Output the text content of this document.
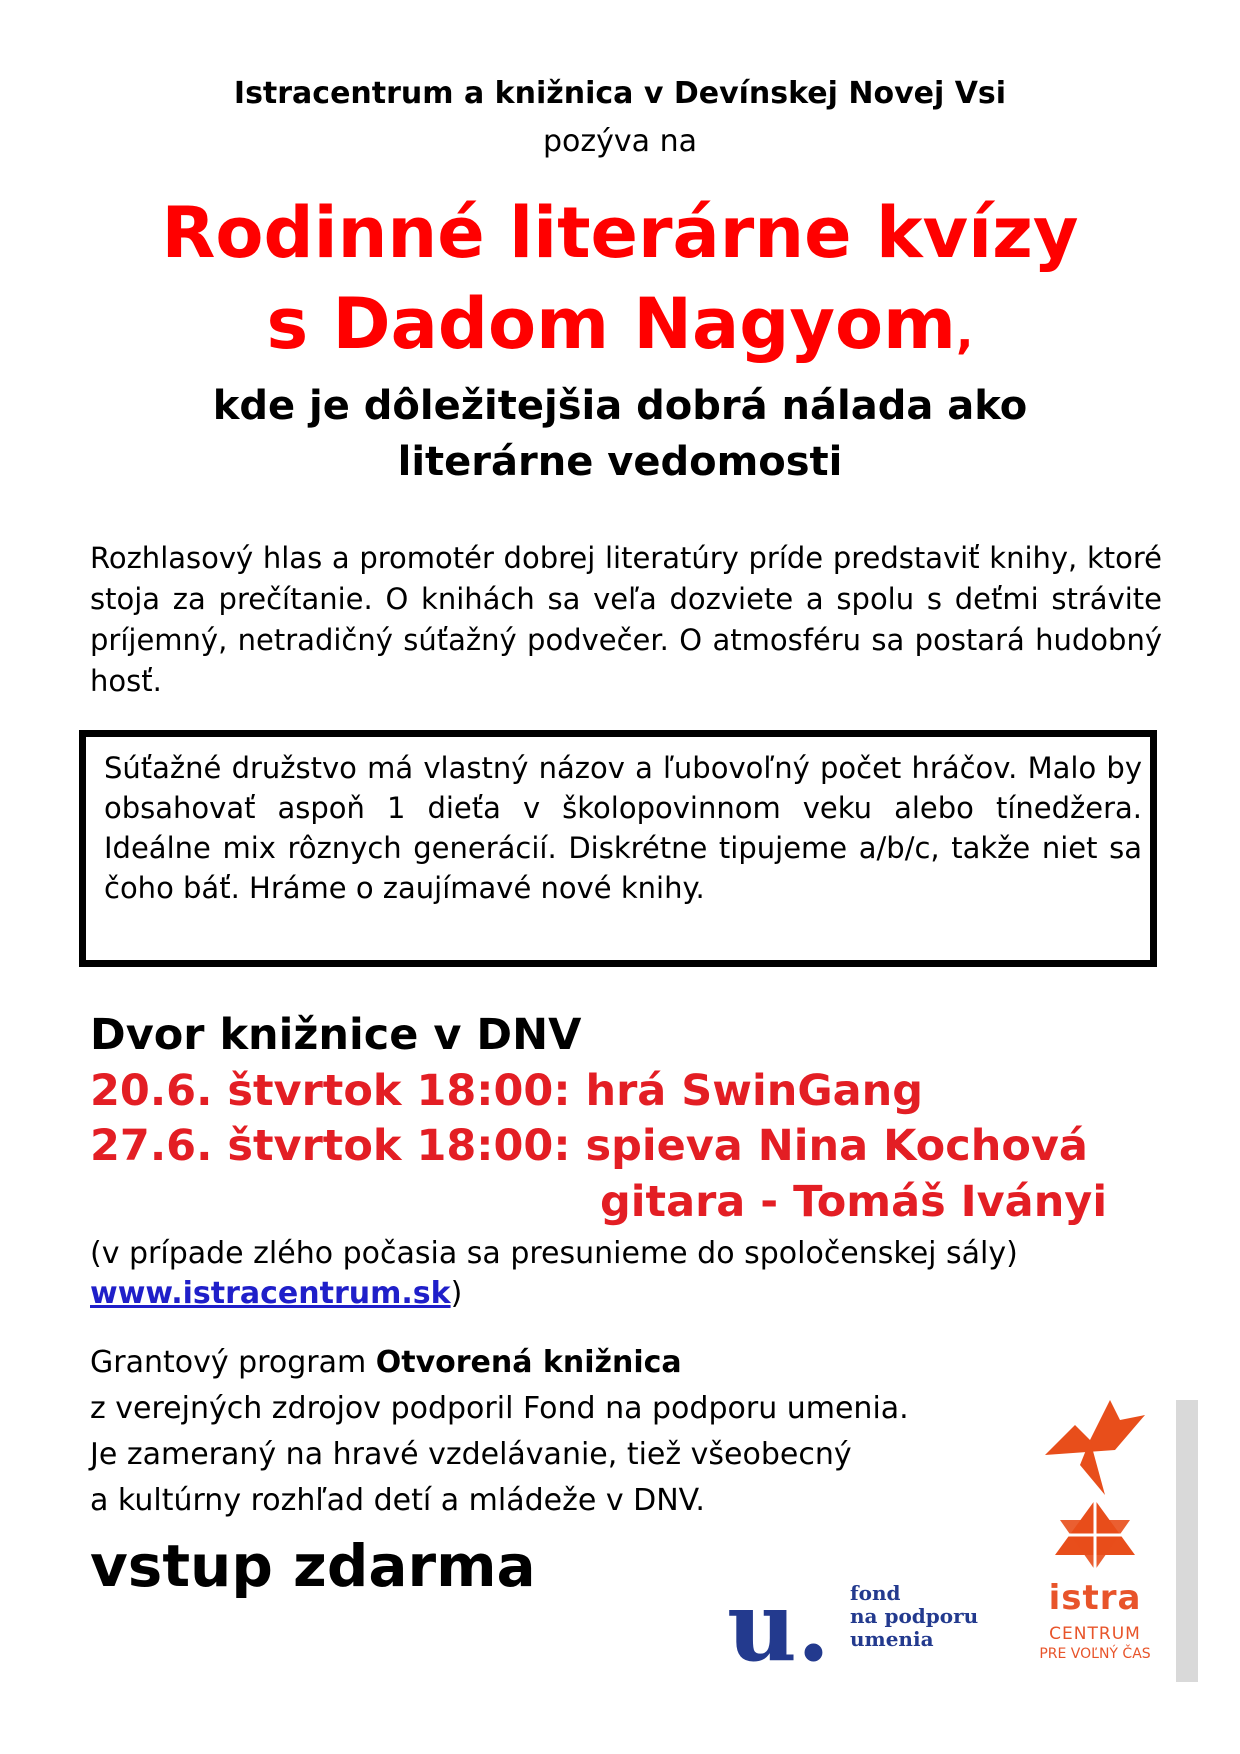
Istracentrum a knižnica v Devínskej Novej Vsi
pozýva na
Rodinné literárne kvízy
s Dadom Nagyom,
kde je dôležitejšia dobrá nálada ako
literárne vedomosti
Rozhlasový hlas a promotér dobrej literatúry príde predstaviť knihy, ktoré stoja za prečítanie. O knihách sa veľa dozviete a spolu s deťmi strávite príjemný, netradičný súťažný podvečer. O atmosféru sa postará hudobný hosť.
Súťažné družstvo má vlastný názov a ľubovoľný počet hráčov. Malo by obsahovať aspoň 1 dieťa v školopovinnom veku alebo tínedžera. Ideálne mix rôznych generácií. Diskrétne tipujeme a/b/c, takže niet sa čoho báť. Hráme o zaujímavé nové knihy.
Dvor knižnice v DNV
20.6. štvrtok 18:00: hrá SwinGang
27.6. štvrtok 18:00: spieva Nina Kochová
gitara - Tomáš Iványi
(v prípade zlého počasia sa presunieme do spoločenskej sály)
www.istracentrum.sk)

Grantový program Otvorená knižnica

z verejných zdrojov podporil Fond na podporu umenia.

Je zameraný na hravé vzdelávanie, tiež všeobecný

a kultúrny rozhľad detí a mládeže v DNV.

vstup zdarma
u. fond
na podporu
umenia
istra
CENTRUM
PRE VOĽNÝ ČAS
